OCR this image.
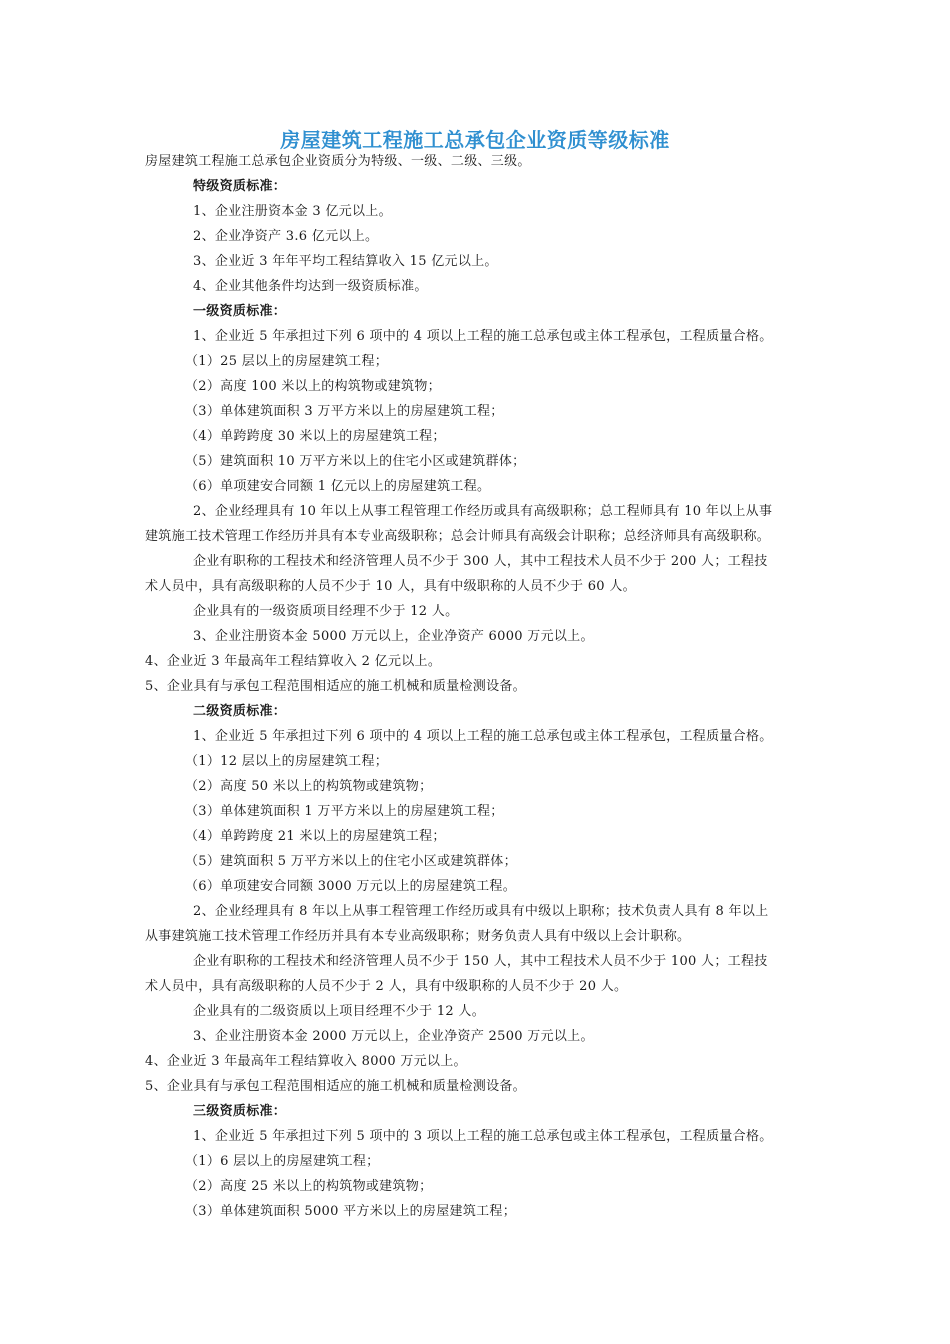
房屋建筑工程施工总承包企业资质等级标准
房屋建筑工程施工总承包企业资质分为特级、一级、二级、三级。
特级资质标准：
1、企业注册资本金 3 亿元以上。
2、企业净资产 3.6 亿元以上。
3、企业近 3 年年平均工程结算收入 15 亿元以上。
4、企业其他条件均达到一级资质标准。
一级资质标准：
1、企业近 5 年承担过下列 6 项中的 4 项以上工程的施工总承包或主体工程承包，工程质量合格。
（1）25 层以上的房屋建筑工程；
（2）高度 100 米以上的构筑物或建筑物；
（3）单体建筑面积 3 万平方米以上的房屋建筑工程；
（4）单跨跨度 30 米以上的房屋建筑工程；
（5）建筑面积 10 万平方米以上的住宅小区或建筑群体；
（6）单项建安合同额 1 亿元以上的房屋建筑工程。
2、企业经理具有 10 年以上从事工程管理工作经历或具有高级职称；总工程师具有 10 年以上从事
建筑施工技术管理工作经历并具有本专业高级职称；总会计师具有高级会计职称；总经济师具有高级职称。
企业有职称的工程技术和经济管理人员不少于 300 人，其中工程技术人员不少于 200 人；工程技
术人员中，具有高级职称的人员不少于 10 人，具有中级职称的人员不少于 60 人。
企业具有的一级资质项目经理不少于 12 人。
3、企业注册资本金 5000 万元以上，企业净资产 6000 万元以上。
4、企业近 3 年最高年工程结算收入 2 亿元以上。
5、企业具有与承包工程范围相适应的施工机械和质量检测设备。
二级资质标准：
1、企业近 5 年承担过下列 6 项中的 4 项以上工程的施工总承包或主体工程承包，工程质量合格。
（1）12 层以上的房屋建筑工程；
（2）高度 50 米以上的构筑物或建筑物；
（3）单体建筑面积 1 万平方米以上的房屋建筑工程；
（4）单跨跨度 21 米以上的房屋建筑工程；
（5）建筑面积 5 万平方米以上的住宅小区或建筑群体；
（6）单项建安合同额 3000 万元以上的房屋建筑工程。
2、企业经理具有 8 年以上从事工程管理工作经历或具有中级以上职称；技术负责人具有 8 年以上
从事建筑施工技术管理工作经历并具有本专业高级职称；财务负责人具有中级以上会计职称。
企业有职称的工程技术和经济管理人员不少于 150 人，其中工程技术人员不少于 100 人；工程技
术人员中，具有高级职称的人员不少于 2 人，具有中级职称的人员不少于 20 人。
企业具有的二级资质以上项目经理不少于 12 人。
3、企业注册资本金 2000 万元以上，企业净资产 2500 万元以上。
4、企业近 3 年最高年工程结算收入 8000 万元以上。
5、企业具有与承包工程范围相适应的施工机械和质量检测设备。
三级资质标准：
1、企业近 5 年承担过下列 5 项中的 3 项以上工程的施工总承包或主体工程承包，工程质量合格。
（1）6 层以上的房屋建筑工程；
（2）高度 25 米以上的构筑物或建筑物；
（3）单体建筑面积 5000 平方米以上的房屋建筑工程；
